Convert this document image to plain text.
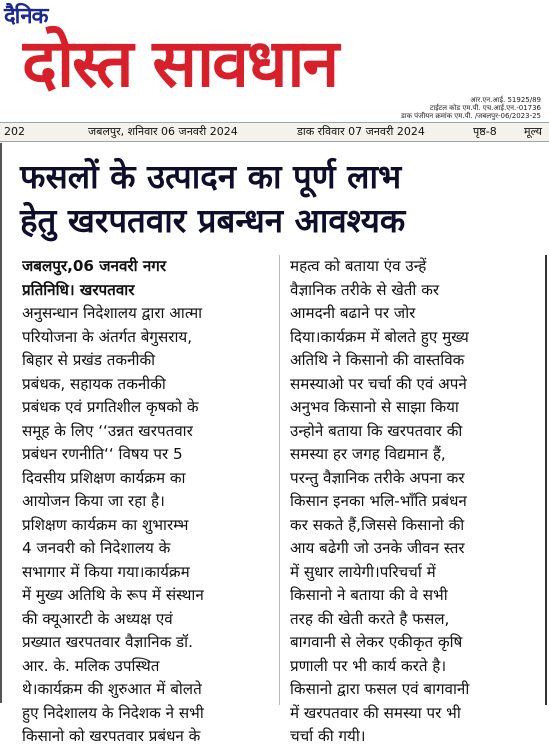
दैनिक
दोस्त सावधान	आर.एन.आई. 51925/89
टाईटल कोड एम.पी. एच.आई.एन.-01736
डाक पंजीयन क्रमांक एम.पी. /जबलपुर-06/2023-25
202	जबलपुर, शनिवार 06 जनवरी 2024	डाक रविवार 07 जनवरी 2024	पृष्ठ-8 मूल्य
फसलों के उत्पादन का पूर्ण लाभ
हेतु खरपतवार प्रबन्धन आवश्यक
जबलपुर,06 जनवरी नगर
प्रतिनिधि। खरपतवार
अनुसन्धान निदेशालय द्वारा आत्मा
परियोजना के अंतर्गत बेगुसराय,
बिहार से प्रखंड तकनीकी
प्रबंधक, सहायक तकनीकी
प्रबंधक एवं प्रगतिशील कृषको के
समूह के लिए ‘‘उन्नत खरपतवार
प्रबंधन रणनीति‘‘ विषय पर 5
दिवसीय प्रशिक्षण कार्यक्रम का
आयोजन किया जा रहा है।
प्रशिक्षण कार्यक्रम का शुभारम्भ
4 जनवरी को निदेशालय के
सभागार में किया गया।कार्यक्रम
में मुख्य अतिथि के रूप में संस्थान
की क्यूआरटी के अध्यक्ष एवं
प्रख्यात खरपतवार वैज्ञानिक डॉ.
आर. के. मलिक उपस्थित
थे।कार्यक्रम की शुरुआत में बोलते
हुए निदेशालय के निदेशक ने सभी
किसानो को खरपतवार प्रबंधन के
महत्व को बताया एंव उन्हें
वैज्ञानिक तरीके से खेती कर
आमदनी बढाने पर जोर
दिया।कार्यक्रम में बोलते हुए मुख्य
अतिथि ने किसानो की वास्तविक
समस्याओ पर चर्चा की एवं अपने
अनुभव किसानो से साझा किया
उन्होने बताया कि खरपतवार की
समस्या हर जगह विद्यमान हैं,
परन्तु वैज्ञानिक तरीके अपना कर
किसान इनका भलि-भाँति प्रबंधन
कर सकते हैं,जिससे किसानो की
आय बढेगी जो उनके जीवन स्तर
में सुधार लायेगी।परिचर्चा में
किसानो ने बताया की वे सभी
तरह की खेती करते है फसल,
बागवानी से लेकर एकीकृत कृषि
प्रणाली पर भी कार्य करते है।
किसानो द्वारा फसल एवं बागवानी
में खरपतवार की समस्या पर भी
चर्चा की गयी।
